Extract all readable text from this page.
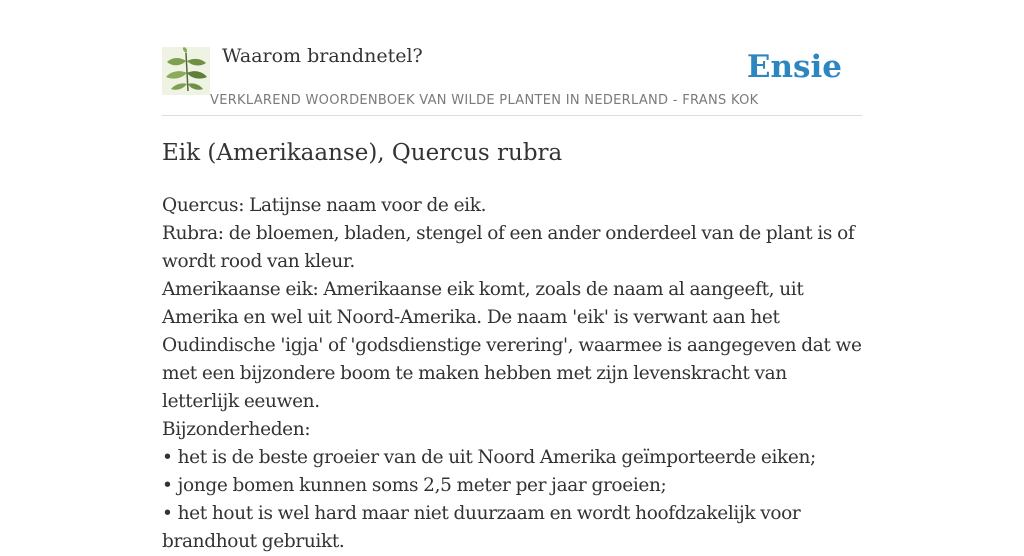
Waarom brandnetel?	Ensie
VERKLAREND WOORDENBOEK VAN WILDE PLANTEN IN NEDERLAND - FRANS KOK
Eik (Amerikaanse), Quercus rubra

Quercus: Latijnse naam voor de eik.

Rubra: de bloemen, bladen, stengel of een ander onderdeel van de plant is of wordt rood van kleur.

Amerikaanse eik: Amerikaanse eik komt, zoals de naam al aangeeft, uit Amerika en wel uit Noord-Amerika. De naam 'eik' is verwant aan het Oudindische 'igja' of 'godsdienstige verering', waarmee is aangegeven dat we met een bijzondere boom te maken hebben met zijn levenskracht van letterlijk eeuwen.

Bijzonderheden:

• het is de beste groeier van de uit Noord Amerika geïmporteerde eiken;

• jonge bomen kunnen soms 2,5 meter per jaar groeien;

• het hout is wel hard maar niet duurzaam en wordt hoofdzakelijk voor brandhout gebruikt.
